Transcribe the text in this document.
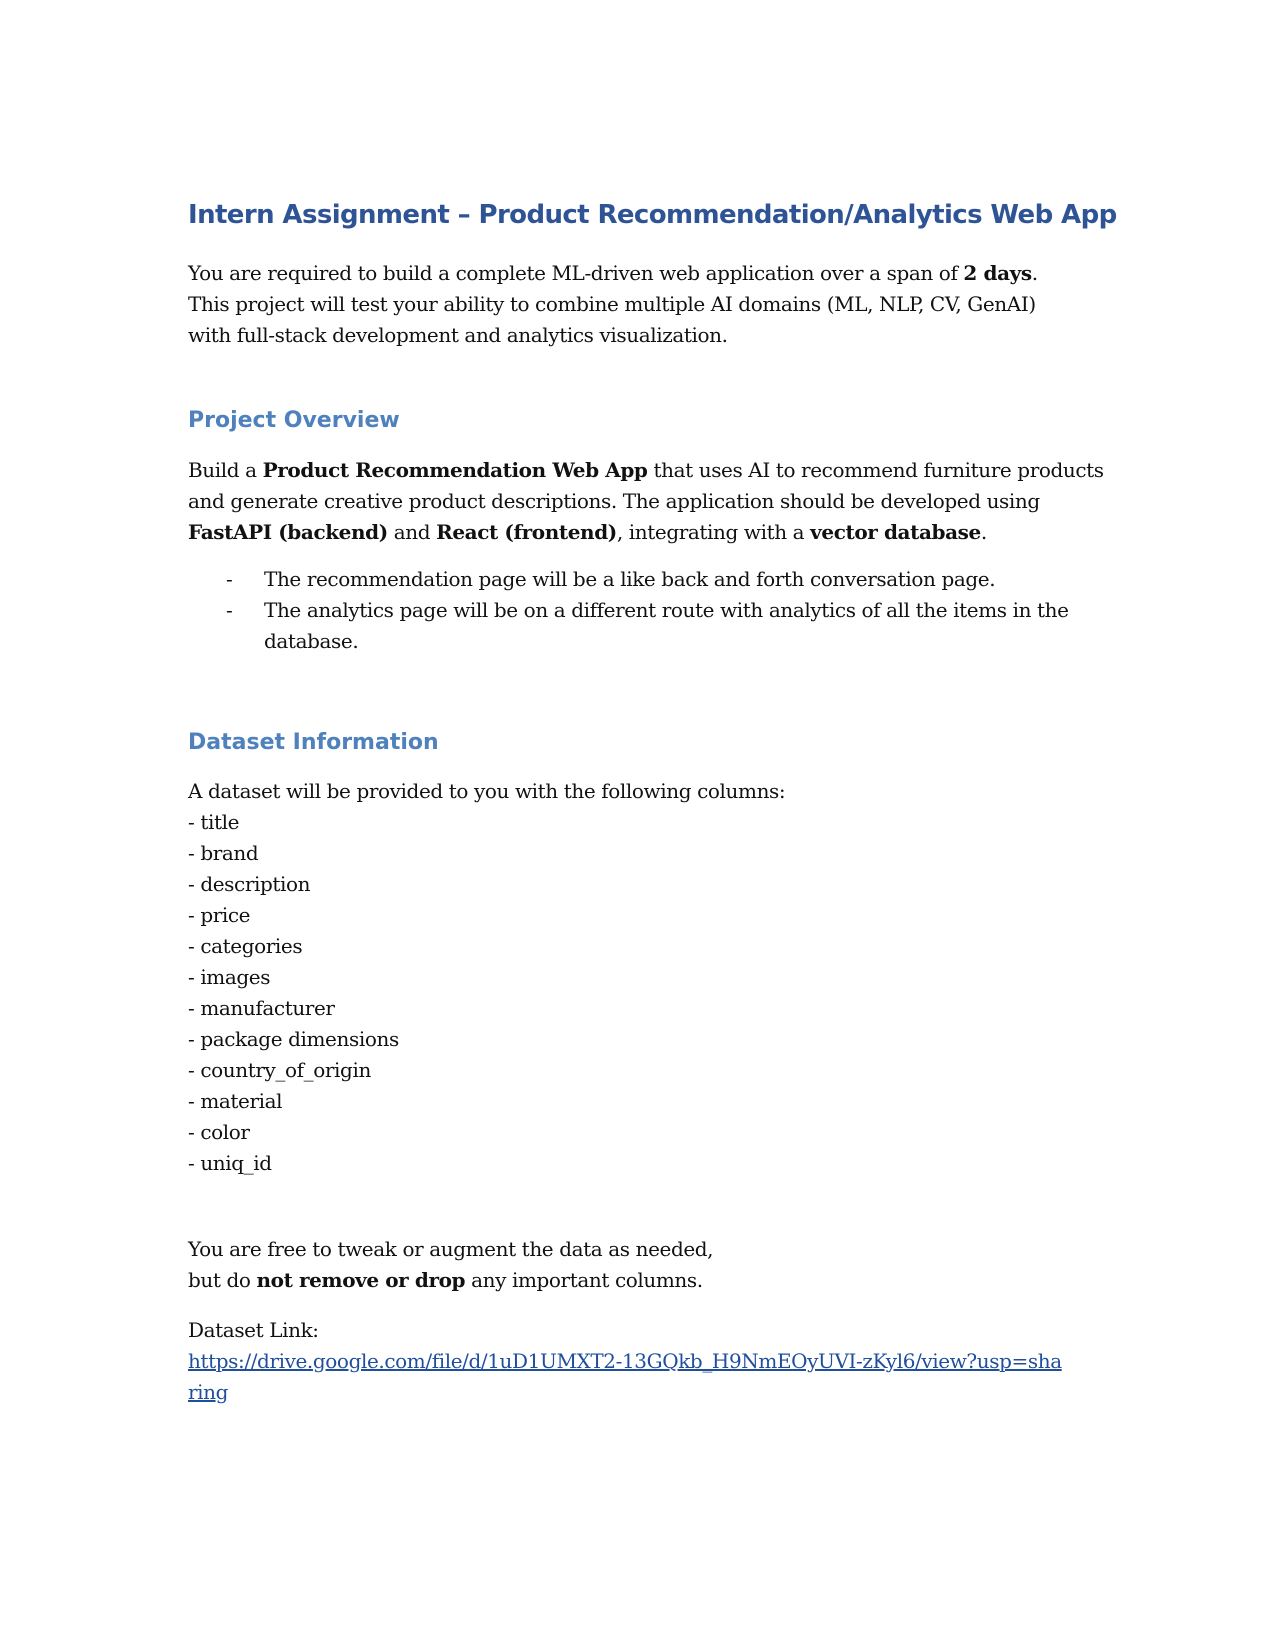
Intern Assignment – Product Recommendation/Analytics Web App

You are required to build a complete ML-driven web application over a span of 2 days.
This project will test your ability to combine multiple AI domains (ML, NLP, CV, GenAI)
with full-stack development and analytics visualization.

Project Overview

Build a Product Recommendation Web App that uses AI to recommend furniture products
and generate creative product descriptions. The application should be developed using
FastAPI (backend) and React (frontend), integrating with a vector database.

- The recommendation page will be a like back and forth conversation page.
- The analytics page will be on a different route with analytics of all the items in the database.
Dataset Information

A dataset will be provided to you with the following columns:

- title
- brand
- description
- price
- categories
- images
- manufacturer
- package dimensions
- country_of_origin
- material
- color
- uniq_id

You are free to tweak or augment the data as needed,
but do not remove or drop any important columns.

Dataset Link:

https://drive.google.com/file/d/1uD1UMXT2-13GQkb_H9NmEOyUVI-zKyl6/view?usp=sharing
